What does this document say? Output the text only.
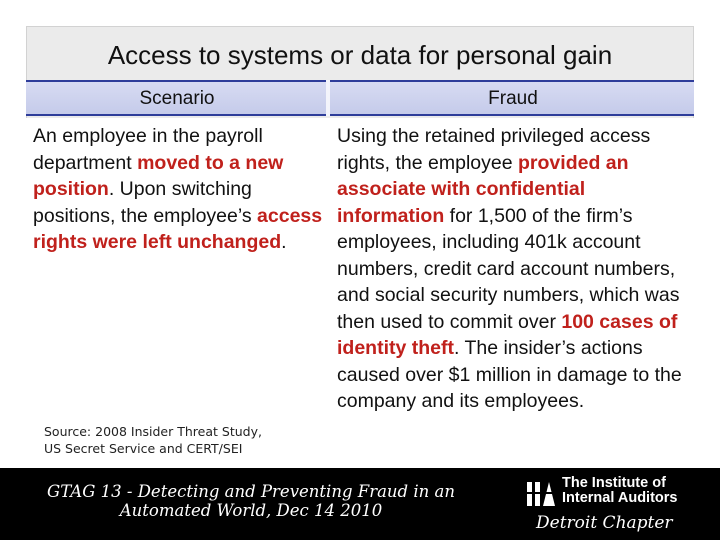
Access to systems or data for personal gain
Scenario	Fraud
An employee in the payroll department moved to a new position. Upon switching positions, the employee’s access rights were left unchanged.
Using the retained privileged access rights, the employee provided an associate with confidential information for 1,500 of the firm’s employees, including 401k account numbers, credit card account numbers, and social security numbers, which was then used to commit over 100 cases of identity theft. The insider’s actions caused over $1 million in damage to the company and its employees.
Source: 2008 Insider Threat Study,
US Secret Service and CERT/SEI
GTAG 13 - Detecting and Preventing Fraud in an
Automated World, Dec 14 2010
The Institute of
Internal Auditors
Detroit Chapter
